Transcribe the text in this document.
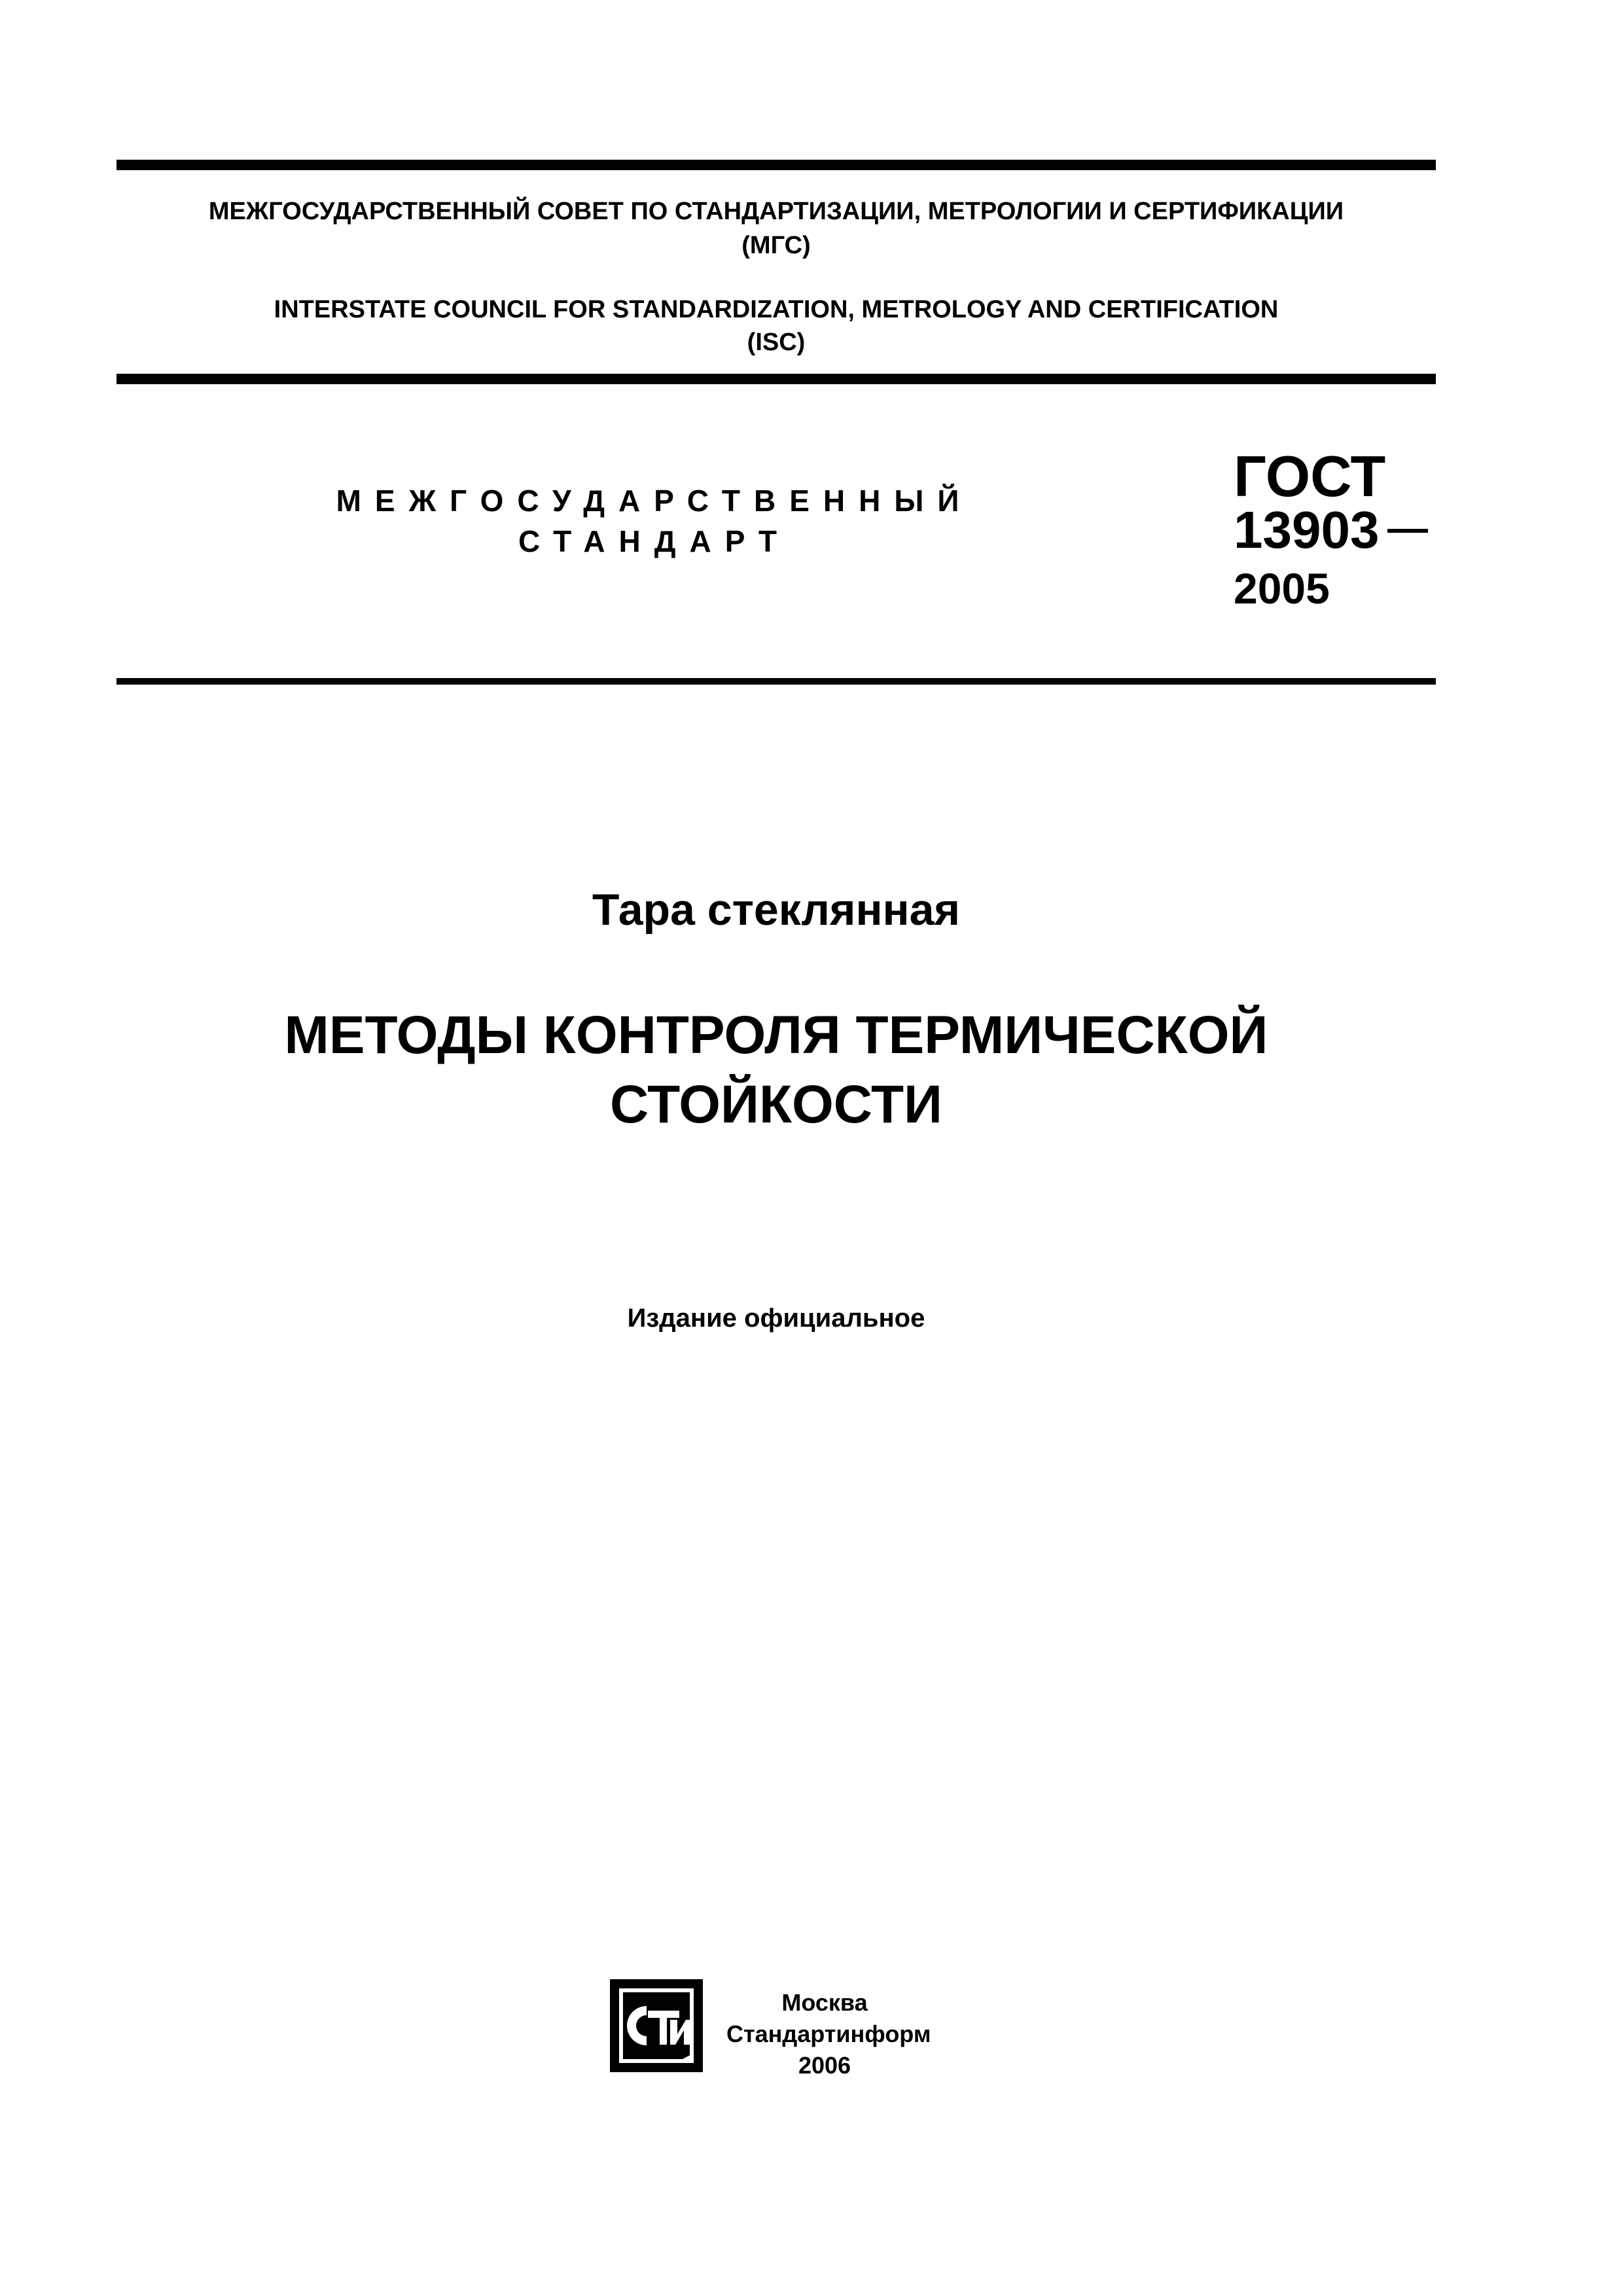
МЕЖГОСУДАРСТВЕННЫЙ СОВЕТ ПО СТАНДАРТИЗАЦИИ, МЕТРОЛОГИИ И СЕРТИФИКАЦИИ
(МГС)
INTERSTATE COUNCIL FOR STANDARDIZATION, METROLOGY AND CERTIFICATION
(ISC)
МЕЖГОСУДАРСТВЕННЫЙ
СТАНДАРТ
ГОСТ
13903
2005
Тара стеклянная
МЕТОДЫ КОНТРОЛЯ ТЕРМИЧЕСКОЙ
СТОЙКОСТИ
Издание официальное
Москва
Стандартинформ
2006
